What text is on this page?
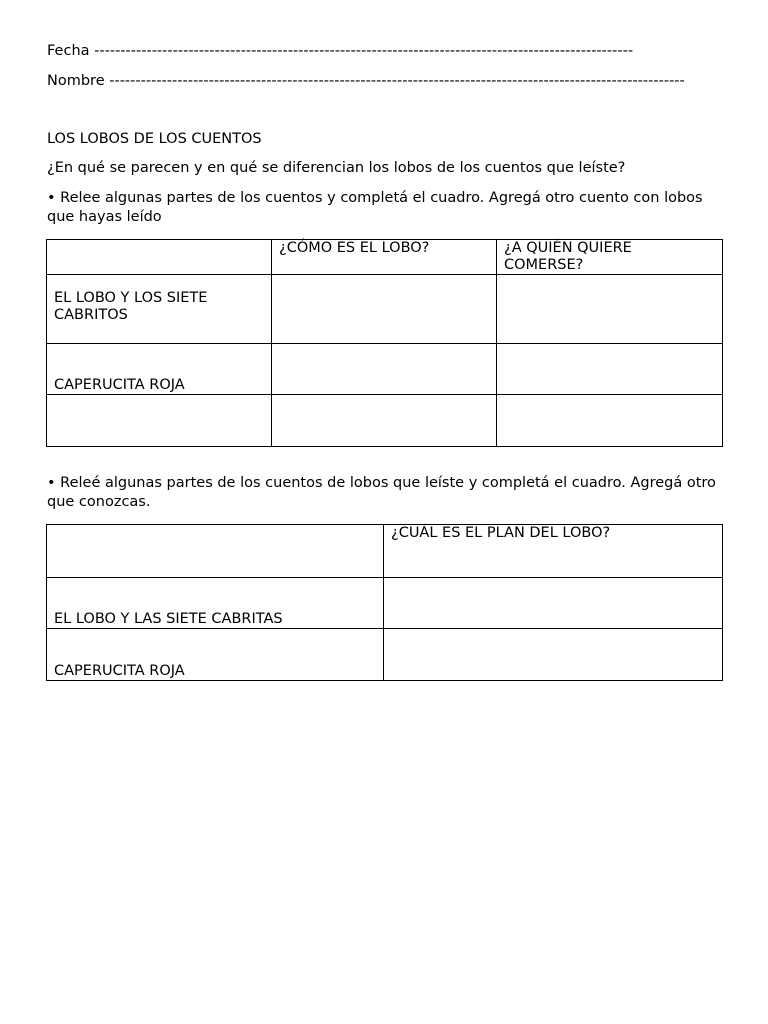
Fecha -------------------------------------------------------------------------------------------------------
Nombre --------------------------------------------------------------------------------------------------------------
LOS LOBOS DE LOS CUENTOS
¿En qué se parecen y en qué se diferencian los lobos de los cuentos que leíste?
• Relee algunas partes de los cuentos y completá el cuadro. Agregá otro cuento con lobos que hayas leído
	¿CÓMO ES EL LOBO?	¿A QUIÉN QUIERE COMERSE?
EL LOBO Y LOS SIETE CABRITOS		
CAPERUCITA ROJA		

• Releé algunas partes de los cuentos de lobos que leíste y completá el cuadro. Agregá otro que conozcas.
	¿CUÁL ES EL PLAN DEL LOBO?
EL LOBO Y LAS SIETE CABRITAS	
CAPERUCITA ROJA	
